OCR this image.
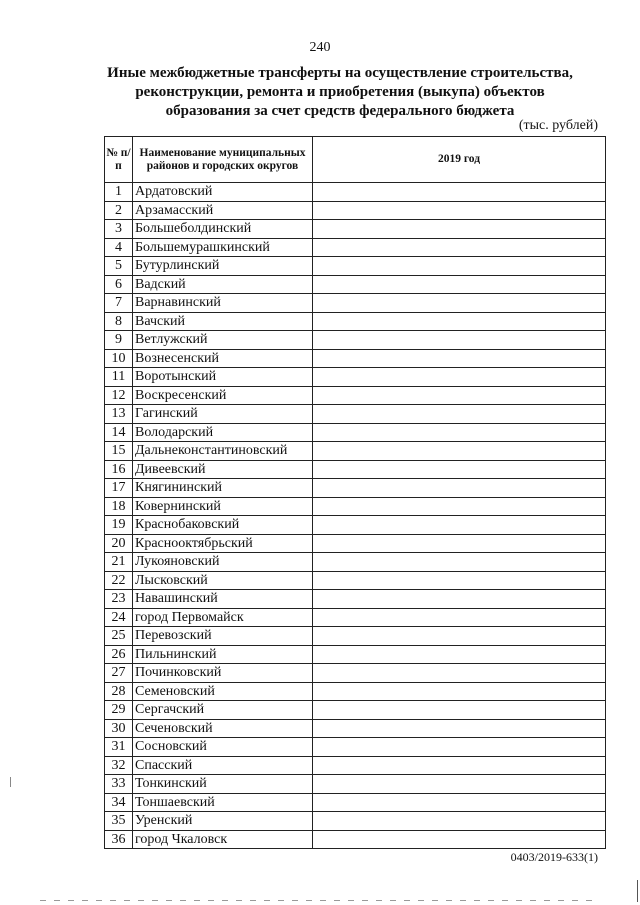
240
Иные межбюджетные трансферты на осуществление строительства,
реконструкции, ремонта и приобретения (выкупа) объектов
образования за счет средств федерального бюджета
(тыс. рублей)
№ п/п	Наименование муниципальных районов и городских округов	2019 год
1	Ардатовский	
2	Арзамасский	
3	Большеболдинский	
4	Большемурашкинский	
5	Бутурлинский	
6	Вадский	
7	Варнавинский	
8	Вачский	
9	Ветлужский	
10	Вознесенский	
11	Воротынский	
12	Воскресенский	
13	Гагинский	
14	Володарский	
15	Дальнеконстантиновский	
16	Дивеевский	
17	Княгининский	
18	Ковернинский	
19	Краснобаковский	
20	Краснооктябрьский	
21	Лукояновский	
22	Лысковский	
23	Навашинский	
24	город Первомайск	
25	Перевозский	
26	Пильнинский	
27	Починковский	
28	Семеновский	
29	Сергачский	
30	Сеченовский	
31	Сосновский	
32	Спасский	
33	Тонкинский	
34	Тоншаевский	
35	Уренский	
36	город Чкаловск	
0403/2019-633(1)
